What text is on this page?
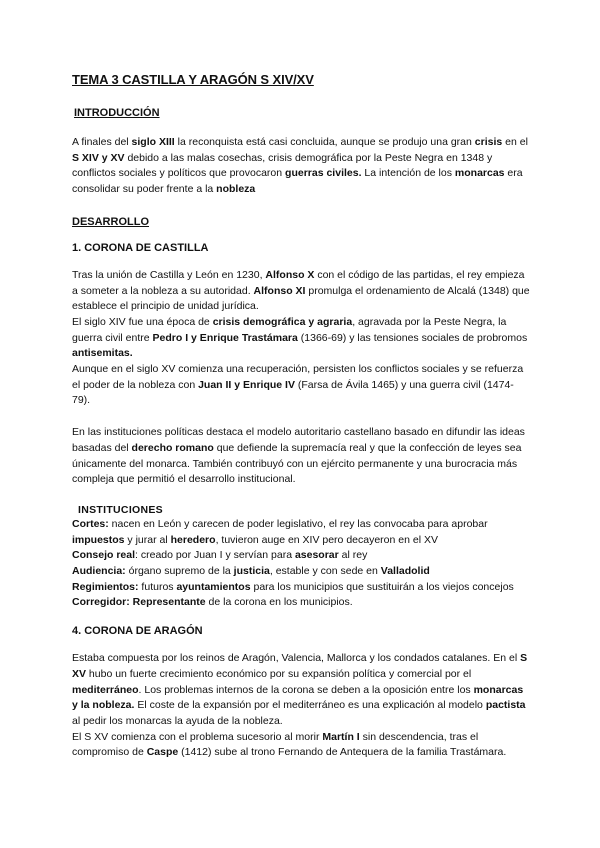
TEMA 3 CASTILLA Y ARAGÓN S XIV/XV
INTRODUCCIÓN

A finales del siglo XIII la reconquista está casi concluida, aunque se produjo una gran crisis en el S XIV y XV debido a las malas cosechas, crisis demográfica por la Peste Negra en 1348 y conflictos sociales y políticos que provocaron guerras civiles. La intención de los monarcas era consolidar su poder frente a la nobleza

DESARROLLO
1. CORONA DE CASTILLA

Tras la unión de Castilla y León en 1230, Alfonso X con el código de las partidas, el rey empieza a someter a la nobleza a su autoridad. Alfonso XI promulga el ordenamiento de Alcalá (1348) que establece el principio de unidad jurídica.

El siglo XIV fue una época de crisis demográfica y agraria, agravada por la Peste Negra, la guerra civil entre Pedro I y Enrique Trastámara (1366-69) y las tensiones sociales de probromos antisemitas.

Aunque en el siglo XV comienza una recuperación, persisten los conflictos sociales y se refuerza el poder de la nobleza con Juan II y Enrique IV (Farsa de Ávila 1465) y una guerra civil (1474-79).

En las instituciones políticas destaca el modelo autoritario castellano basado en difundir las ideas basadas del derecho romano que defiende la supremacía real y que la confección de leyes sea únicamente del monarca. También contribuyó con un ejército permanente y una burocracia más compleja que permitió el desarrollo institucional.

INSTITUCIONES

Cortes: nacen en León y carecen de poder legislativo, el rey las convocaba para aprobar impuestos y jurar al heredero, tuvieron auge en XIV pero decayeron en el XV

Consejo real: creado por Juan I y servían para asesorar al rey

Audiencia: órgano supremo de la justicia, estable y con sede en Valladolid

Regimientos: futuros ayuntamientos para los municipios que sustituirán a los viejos concejos

Corregidor: Representante de la corona en los municipios.

4. CORONA DE ARAGÓN

Estaba compuesta por los reinos de Aragón, Valencia, Mallorca y los condados catalanes. En el S XV hubo un fuerte crecimiento económico por su expansión política y comercial por el mediterráneo. Los problemas internos de la corona se deben a la oposición entre los monarcas y la nobleza. El coste de la expansión por el mediterráneo es una explicación al modelo pactista al pedir los monarcas la ayuda de la nobleza.

El S XV comienza con el problema sucesorio al morir Martín I sin descendencia, tras el compromiso de Caspe (1412) sube al trono Fernando de Antequera de la familia Trastámara.
